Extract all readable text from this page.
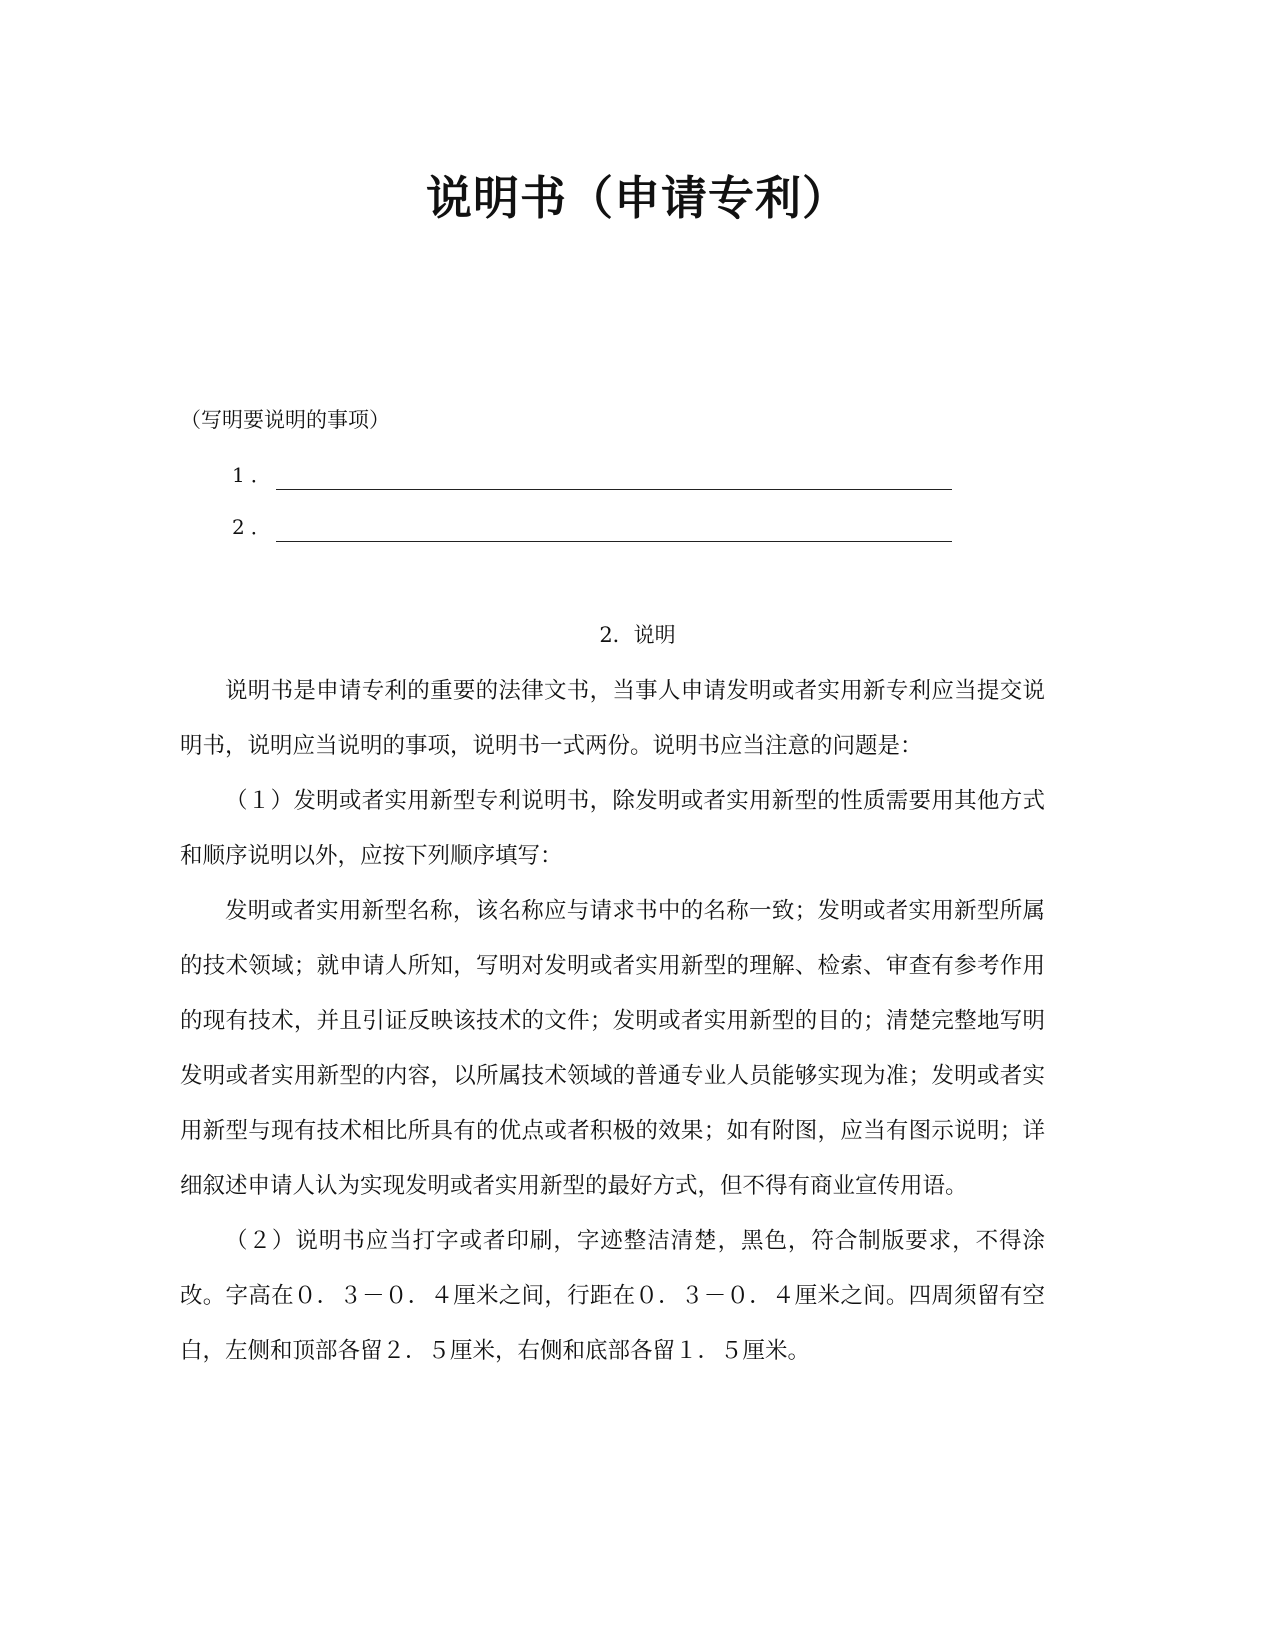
说明书（申请专利）
（写明要说明的事项）
1．
2．
2．说明

说明书是申请专利的重要的法律文书，当事人申请发明或者实用新专利应当提交说明书，说明应当说明的事项，说明书一式两份。说明书应当注意的问题是：

（１）发明或者实用新型专利说明书，除发明或者实用新型的性质需要用其他方式和顺序说明以外，应按下列顺序填写：

发明或者实用新型名称，该名称应与请求书中的名称一致；发明或者实用新型所属的技术领域；就申请人所知，写明对发明或者实用新型的理解、检索、审查有参考作用的现有技术，并且引证反映该技术的文件；发明或者实用新型的目的；清楚完整地写明发明或者实用新型的内容，以所属技术领域的普通专业人员能够实现为准；发明或者实用新型与现有技术相比所具有的优点或者积极的效果；如有附图，应当有图示说明；详细叙述申请人认为实现发明或者实用新型的最好方式，但不得有商业宣传用语。

（２）说明书应当打字或者印刷，字迹整洁清楚，黑色，符合制版要求，不得涂改。字高在０．３－０．４厘米之间，行距在０．３－０．４厘米之间。四周须留有空白，左侧和顶部各留２．５厘米，右侧和底部各留１．５厘米。
